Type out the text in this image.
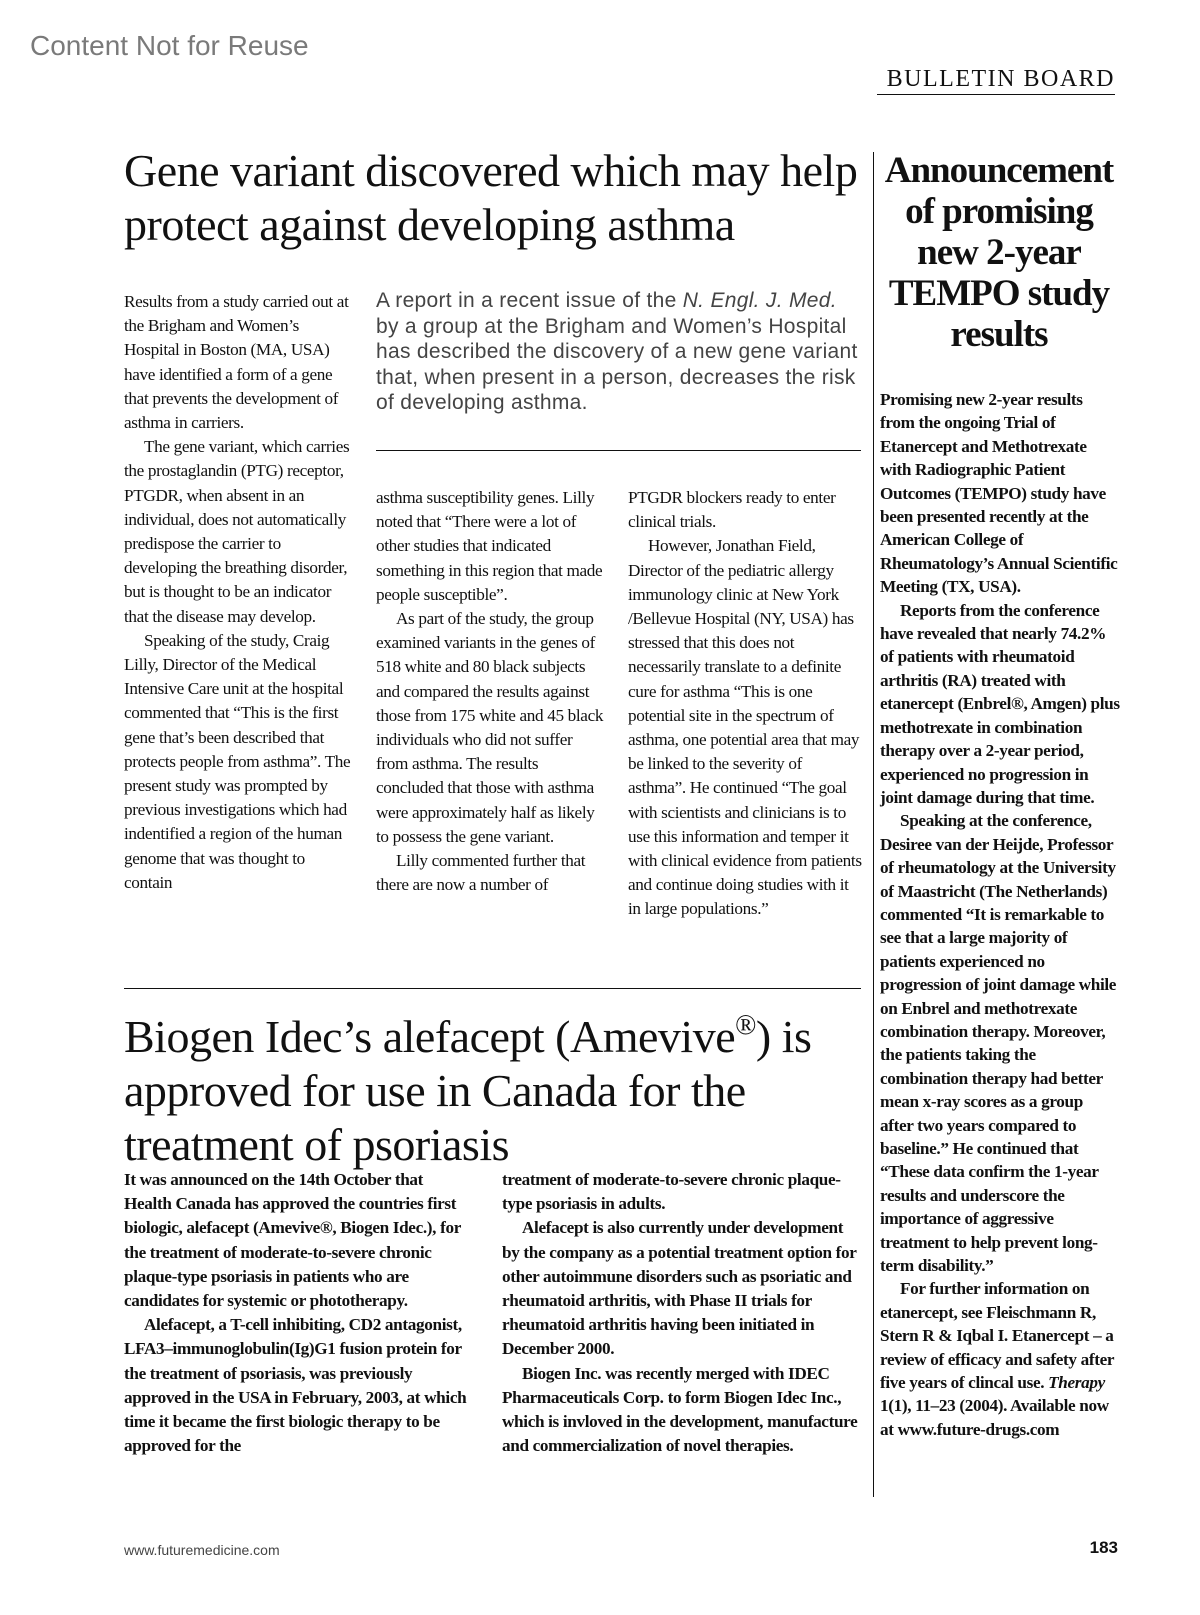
Content Not for Reuse
BULLETIN BOARD
Gene variant discovered which may help protect against developing asthma
A report in a recent issue of the N. Engl. J. Med. by a group at the Brigham and Women’s Hospital has described the discovery of a new gene variant that, when present in a person, decreases the risk of developing asthma.

Results from a study carried out at the Brigham and Women’s Hospital in Boston (MA, USA) have identified a form of a gene that prevents the development of asthma in carriers.

The gene variant, which carries the prostaglandin (PTG) receptor, PTGDR, when absent in an individual, does not automatically predispose the carrier to developing the breathing disorder, but is thought to be an indicator that the disease may develop.

Speaking of the study, Craig Lilly, Director of the Medical Intensive Care unit at the hospital commented that “This is the first gene that’s been described that protects people from asthma”. The present study was prompted by previous investigations which had indentified a region of the human genome that was thought to contain

asthma susceptibility genes. Lilly noted that “There were a lot of other studies that indicated something in this region that made people susceptible”.

As part of the study, the group examined variants in the genes of 518 white and 80 black subjects and compared the results against those from 175 white and 45 black individuals who did not suffer from asthma. The results concluded that those with asthma were approximately half as likely to possess the gene variant.

Lilly commented further that there are now a number of

PTGDR blockers ready to enter clinical trials.

However, Jonathan Field, Director of the pediatric allergy immunology clinic at New York /Bellevue Hospital (NY, USA) has stressed that this does not necessarily translate to a definite cure for asthma “This is one potential site in the spectrum of asthma, one potential area that may be linked to the severity of asthma”. He continued “The goal with scientists and clinicians is to use this information and temper it with clinical evidence from patients and continue doing studies with it in large populations.”

Biogen Idec’s alefacept (Amevive®) is approved for use in Canada for the treatment of psoriasis

It was announced on the 14th October that Health Canada has approved the countries first biologic, alefacept (Amevive®, Biogen Idec.), for the treatment of moderate-to-severe chronic plaque-type psoriasis in patients who are candidates for systemic or phototherapy.

Alefacept, a T-cell inhibiting, CD2 antagonist, LFA3–immunoglobulin(Ig)G1 fusion protein for the treatment of psoriasis, was previously approved in the USA in February, 2003, at which time it became the first biologic therapy to be approved for the

treatment of moderate-to-severe chronic plaque-type psoriasis in adults.

Alefacept is also currently under development by the company as a potential treatment option for other autoimmune disorders such as psoriatic and rheumatoid arthritis, with Phase II trials for rheumatoid arthritis having been initiated in December 2000.

Biogen Inc. was recently merged with IDEC Pharmaceuticals Corp. to form Biogen Idec Inc., which is invloved in the development, manufacture and commercialization of novel therapies.

Announcement of promising new 2-year TEMPO study results

Promising new 2-year results from the ongoing Trial of Etanercept and Methotrexate with Radiographic Patient Outcomes (TEMPO) study have been presented recently at the American College of Rheumatology’s Annual Scientific Meeting (TX, USA).

Reports from the conference have revealed that nearly 74.2% of patients with rheumatoid arthritis (RA) treated with etanercept (Enbrel®, Amgen) plus methotrexate in combination therapy over a 2-year period, experienced no progression in joint damage during that time.

Speaking at the conference, Desiree van der Heijde, Professor of rheumatology at the University of Maastricht (The Netherlands) commented “It is remarkable to see that a large majority of patients experienced no progression of joint damage while on Enbrel and methotrexate combination therapy. Moreover, the patients taking the combination therapy had better mean x-ray scores as a group after two years compared to baseline.” He continued that “These data confirm the 1-year results and underscore the importance of aggressive treatment to help prevent long-term disability.”

For further information on etanercept, see Fleischmann R, Stern R & Iqbal I. Etanercept – a review of efficacy and safety after five years of clincal use. Therapy 1(1), 11–23 (2004). Available now at www.future-drugs.com

www.futuremedicine.com	183
